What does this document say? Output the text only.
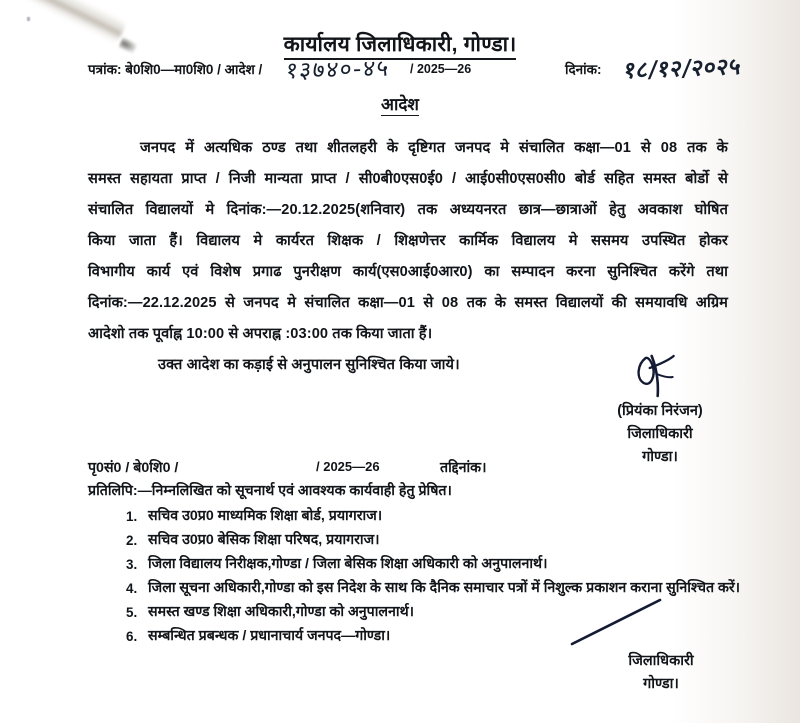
कार्यालय जिलाधिकारी, गोण्डा।
पत्रांक: बे0शि0—मा0शि0 / आदेश / १३७४०-४५ / 2025—26	दिनांक: १८/१२/२०२५
आदेश
जनपद में अत्यधिक ठण्ड तथा शीतलहरी के दृष्टिगत जनपद मे संचालित कक्षा—01 से 08 तक के
समस्त सहायता प्राप्त / निजी मान्यता प्राप्त / सी0बी0एस0ई0 / आई0सी0एस0सी0 बोर्ड सहित समस्त बोर्डो से
संचालित विद्यालयों मे दिनांक:—20.12.2025(शनिवार) तक अध्ययनरत छात्र—छात्राओं हेतु अवकाश घोषित
किया जाता हैं। विद्यालय मे कार्यरत शिक्षक / शिक्षणेत्तर कार्मिक विद्यालय मे ससमय उपस्थित होकर
विभागीय कार्य एवं विशेष प्रगाढ पुनरीक्षण कार्य(एस0आई0आर0) का सम्पादन करना सुनिश्चित करेंगे तथा
दिनांक:—22.12.2025 से जनपद मे संचालित कक्षा—01 से 08 तक के समस्त विद्यालयों की समयावधि अग्रिम
आदेशो तक पूर्वाह्न 10:00 से अपराह्न :03:00 तक किया जाता हैं।
उक्त आदेश का कड़ाई से अनुपालन सुनिश्चित किया जाये।
(प्रियंका निरंजन)
जिलाधिकारी
गोण्डा।
पृ0सं0 / बे0शि0 /	/ 2025—26	तद्दिनांक।
प्रतिलिपि:—निम्नलिखित को सूचनार्थ एवं आवश्यक कार्यवाही हेतु प्रेषित।
सचिव उ0प्र0 माध्यमिक शिक्षा बोर्ड, प्रयागराज।
सचिव उ0प्र0 बेसिक शिक्षा परिषद, प्रयागराज।
जिला विद्यालय निरीक्षक,गोण्डा / जिला बेसिक शिक्षा अधिकारी को अनुपालनार्थ।
जिला सूचना अधिकारी,गोण्डा को इस निदेश के साथ कि दैनिक समाचार पत्रों में निशुल्क प्रकाशन कराना सुनिश्चित करें।
समस्त खण्ड शिक्षा अधिकारी,गोण्डा को अनुपालनार्थ।
सम्बन्धित प्रबन्धक / प्रधानाचार्य जनपद—गोण्डा।
जिलाधिकारी
गोण्डा।
